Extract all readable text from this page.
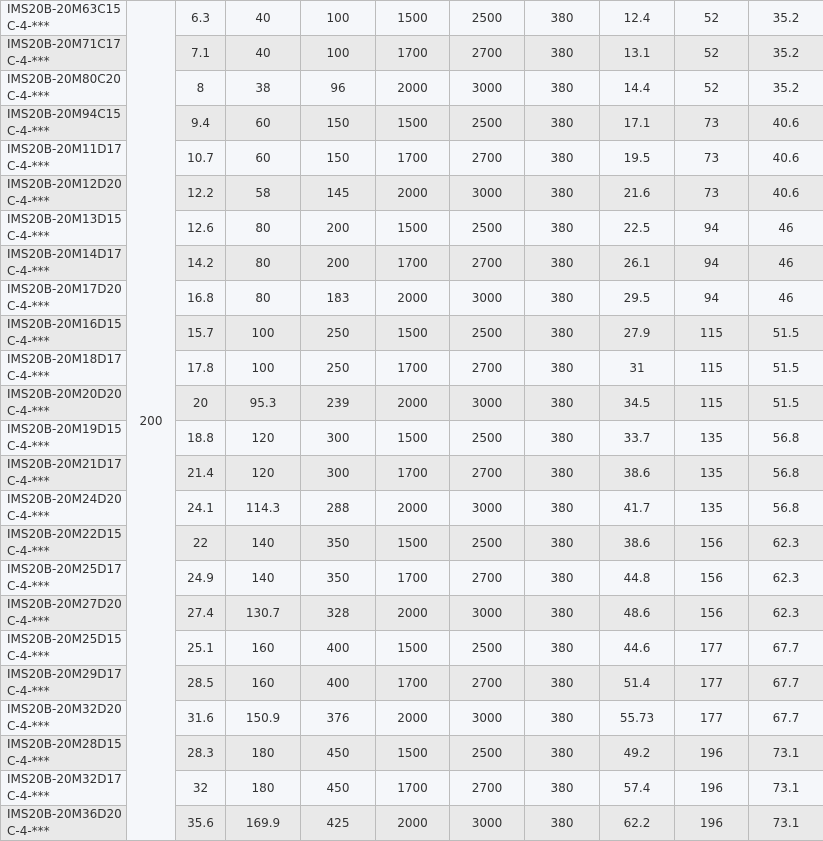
IMS20B-20M63C15C-4-***	200	6.3	40	100	1500	2500	380	12.4	52	35.2
IMS20B-20M71C17C-4-***		7.1	40	100	1700	2700	380	13.1	52	35.2
IMS20B-20M80C20C-4-***		8	38	96	2000	3000	380	14.4	52	35.2
IMS20B-20M94C15C-4-***		9.4	60	150	1500	2500	380	17.1	73	40.6
IMS20B-20M11D17C-4-***		10.7	60	150	1700	2700	380	19.5	73	40.6
IMS20B-20M12D20C-4-***		12.2	58	145	2000	3000	380	21.6	73	40.6
IMS20B-20M13D15C-4-***		12.6	80	200	1500	2500	380	22.5	94	46
IMS20B-20M14D17C-4-***		14.2	80	200	1700	2700	380	26.1	94	46
IMS20B-20M17D20C-4-***		16.8	80	183	2000	3000	380	29.5	94	46
IMS20B-20M16D15C-4-***		15.7	100	250	1500	2500	380	27.9	115	51.5
IMS20B-20M18D17C-4-***		17.8	100	250	1700	2700	380	31	115	51.5
IMS20B-20M20D20C-4-***		20	95.3	239	2000	3000	380	34.5	115	51.5
IMS20B-20M19D15C-4-***		18.8	120	300	1500	2500	380	33.7	135	56.8
IMS20B-20M21D17C-4-***		21.4	120	300	1700	2700	380	38.6	135	56.8
IMS20B-20M24D20C-4-***		24.1	114.3	288	2000	3000	380	41.7	135	56.8
IMS20B-20M22D15C-4-***		22	140	350	1500	2500	380	38.6	156	62.3
IMS20B-20M25D17C-4-***		24.9	140	350	1700	2700	380	44.8	156	62.3
IMS20B-20M27D20C-4-***		27.4	130.7	328	2000	3000	380	48.6	156	62.3
IMS20B-20M25D15C-4-***		25.1	160	400	1500	2500	380	44.6	177	67.7
IMS20B-20M29D17C-4-***		28.5	160	400	1700	2700	380	51.4	177	67.7
IMS20B-20M32D20C-4-***		31.6	150.9	376	2000	3000	380	55.73	177	67.7
IMS20B-20M28D15C-4-***		28.3	180	450	1500	2500	380	49.2	196	73.1
IMS20B-20M32D17C-4-***		32	180	450	1700	2700	380	57.4	196	73.1
IMS20B-20M36D20C-4-***		35.6	169.9	425	2000	3000	380	62.2	196	73.1
